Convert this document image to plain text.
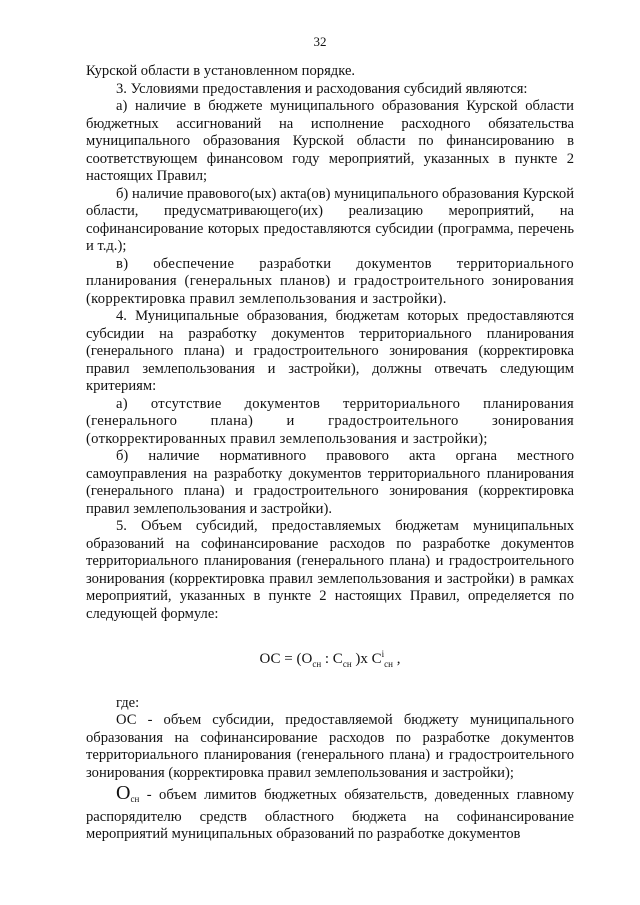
32

Курской области в установленном порядке.

3. Условиями предоставления и расходования субсидий являются:

а) наличие в бюджете муниципального образования Курской области бюджетных ассигнований на исполнение расходного обязательства муниципального образования Курской области по финансированию в соответствующем финансовом году мероприятий, указанных в пункте 2 настоящих Правил;

б) наличие правового(ых) акта(ов) муниципального образования Курской области, предусматривающего(их) реализацию мероприятий, на софинансирование которых предоставляются субсидии (программа, перечень и т.д.);

в) обеспечение разработки документов территориального планирования (генеральных планов) и градостроительного зонирования (корректировка правил землепользования и застройки).

4. Муниципальные образования, бюджетам которых предоставляются субсидии на разработку документов территориального планирования (генерального плана) и градостроительного зонирования (корректировка правил землепользования и застройки), должны отвечать следующим критериям:

а) отсутствие документов территориального планирования (генерального плана) и градостроительного зонирования (откорректированных правил землепользования и застройки);

б) наличие нормативного правового акта органа местного самоуправления на разработку документов территориального планирования (генерального плана) и градостроительного зонирования (корректировка правил землепользования и застройки).

5. Объем субсидий, предоставляемых бюджетам муниципальных образований на софинансирование расходов по разработке документов территориального планирования (генерального плана) и градостроительного зонирования (корректировка правил землепользования и застройки) в рамках мероприятий, указанных в пункте 2 настоящих Правил, определяется по следующей формуле:

ОС = ($О_{сн}$ : $С_{сн}$ )х $С^i_{сн}$ ,

где:

ОС - объем субсидии, предоставляемой бюджету муниципального образования на софинансирование расходов по разработке документов территориального планирования (генерального плана) и градостроительного зонирования (корректировка правил землепользования и застройки);

$О_{сн}$ - объем лимитов бюджетных обязательств, доведенных главному распорядителю средств областного бюджета на софинансирование мероприятий муниципальных образований по разработке документов
